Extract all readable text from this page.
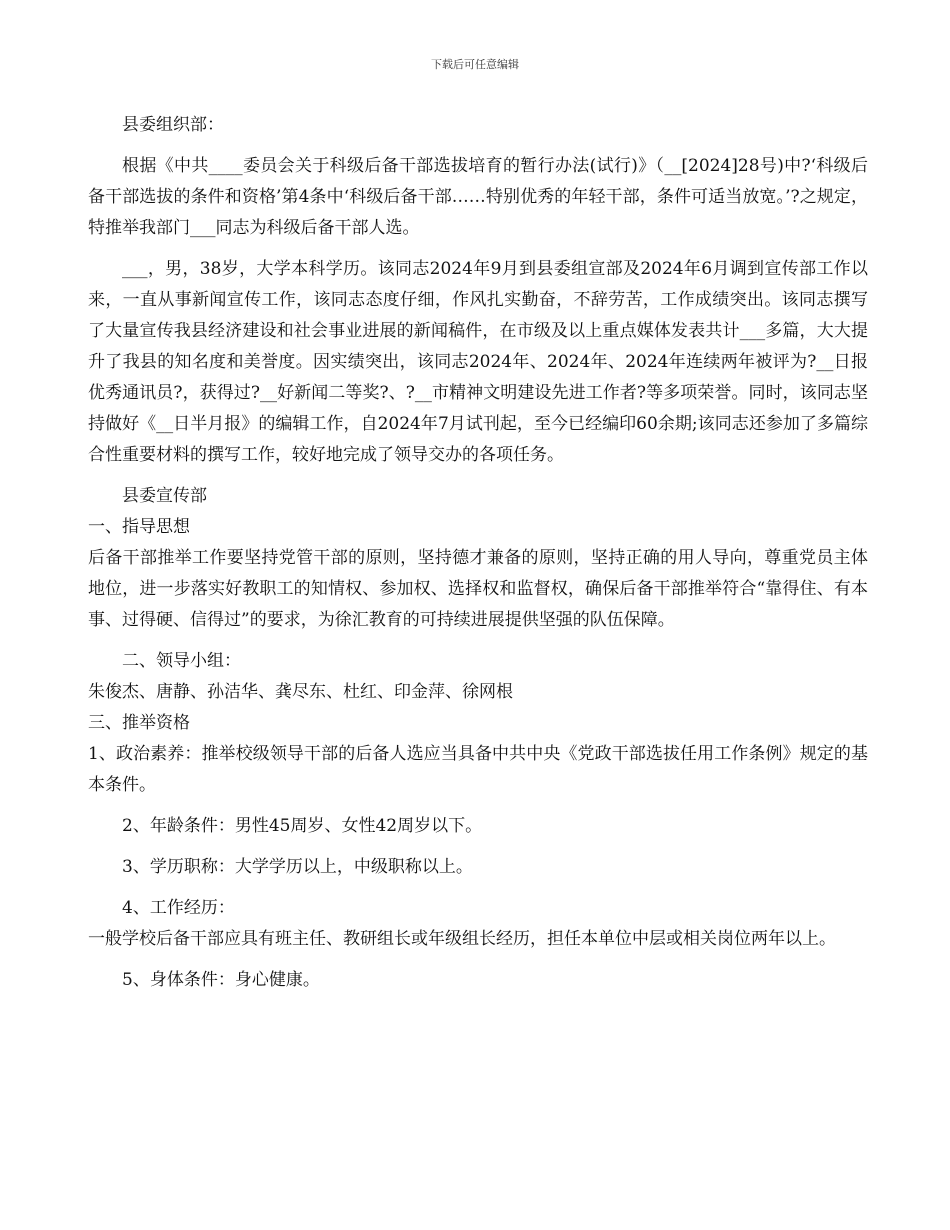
下载后可任意编辑

县委组织部：

根据《中共____委员会关于科级后备干部选拔培育的暂行办法(试行)》（__[2024]28号)中?‘科级后备干部选拔的条件和资格’第4条中‘科级后备干部……特别优秀的年轻干部，条件可适当放宽。’?之规定，特推举我部门___同志为科级后备干部人选。

___，男，38岁，大学本科学历。该同志2024年9月到县委组宣部及2024年6月调到宣传部工作以来，一直从事新闻宣传工作，该同志态度仔细，作风扎实勤奋，不辞劳苦，工作成绩突出。该同志撰写了大量宣传我县经济建设和社会事业进展的新闻稿件，在市级及以上重点媒体发表共计___多篇，大大提升了我县的知名度和美誉度。因实绩突出，该同志2024年、2024年、2024年连续两年被评为?__日报优秀通讯员?，获得过?__好新闻二等奖?、?__市精神文明建设先进工作者?等多项荣誉。同时，该同志坚持做好《__日半月报》的编辑工作，自2024年7月试刊起，至今已经编印60余期;该同志还参加了多篇综合性重要材料的撰写工作，较好地完成了领导交办的各项任务。

县委宣传部

一、指导思想

后备干部推举工作要坚持党管干部的原则，坚持德才兼备的原则，坚持正确的用人导向，尊重党员主体地位，进一步落实好教职工的知情权、参加权、选择权和监督权，确保后备干部推举符合“靠得住、有本事、过得硬、信得过”的要求，为徐汇教育的可持续进展提供坚强的队伍保障。

二、领导小组：

朱俊杰、唐静、孙洁华、龚尽东、杜红、印金萍、徐网根

三、推举资格

1、政治素养：推举校级领导干部的后备人选应当具备中共中央《党政干部选拔任用工作条例》规定的基本条件。

2、年龄条件：男性45周岁、女性42周岁以下。

3、学历职称：大学学历以上，中级职称以上。

4、工作经历：

一般学校后备干部应具有班主任、教研组长或年级组长经历，担任本单位中层或相关岗位两年以上。

5、身体条件：身心健康。
